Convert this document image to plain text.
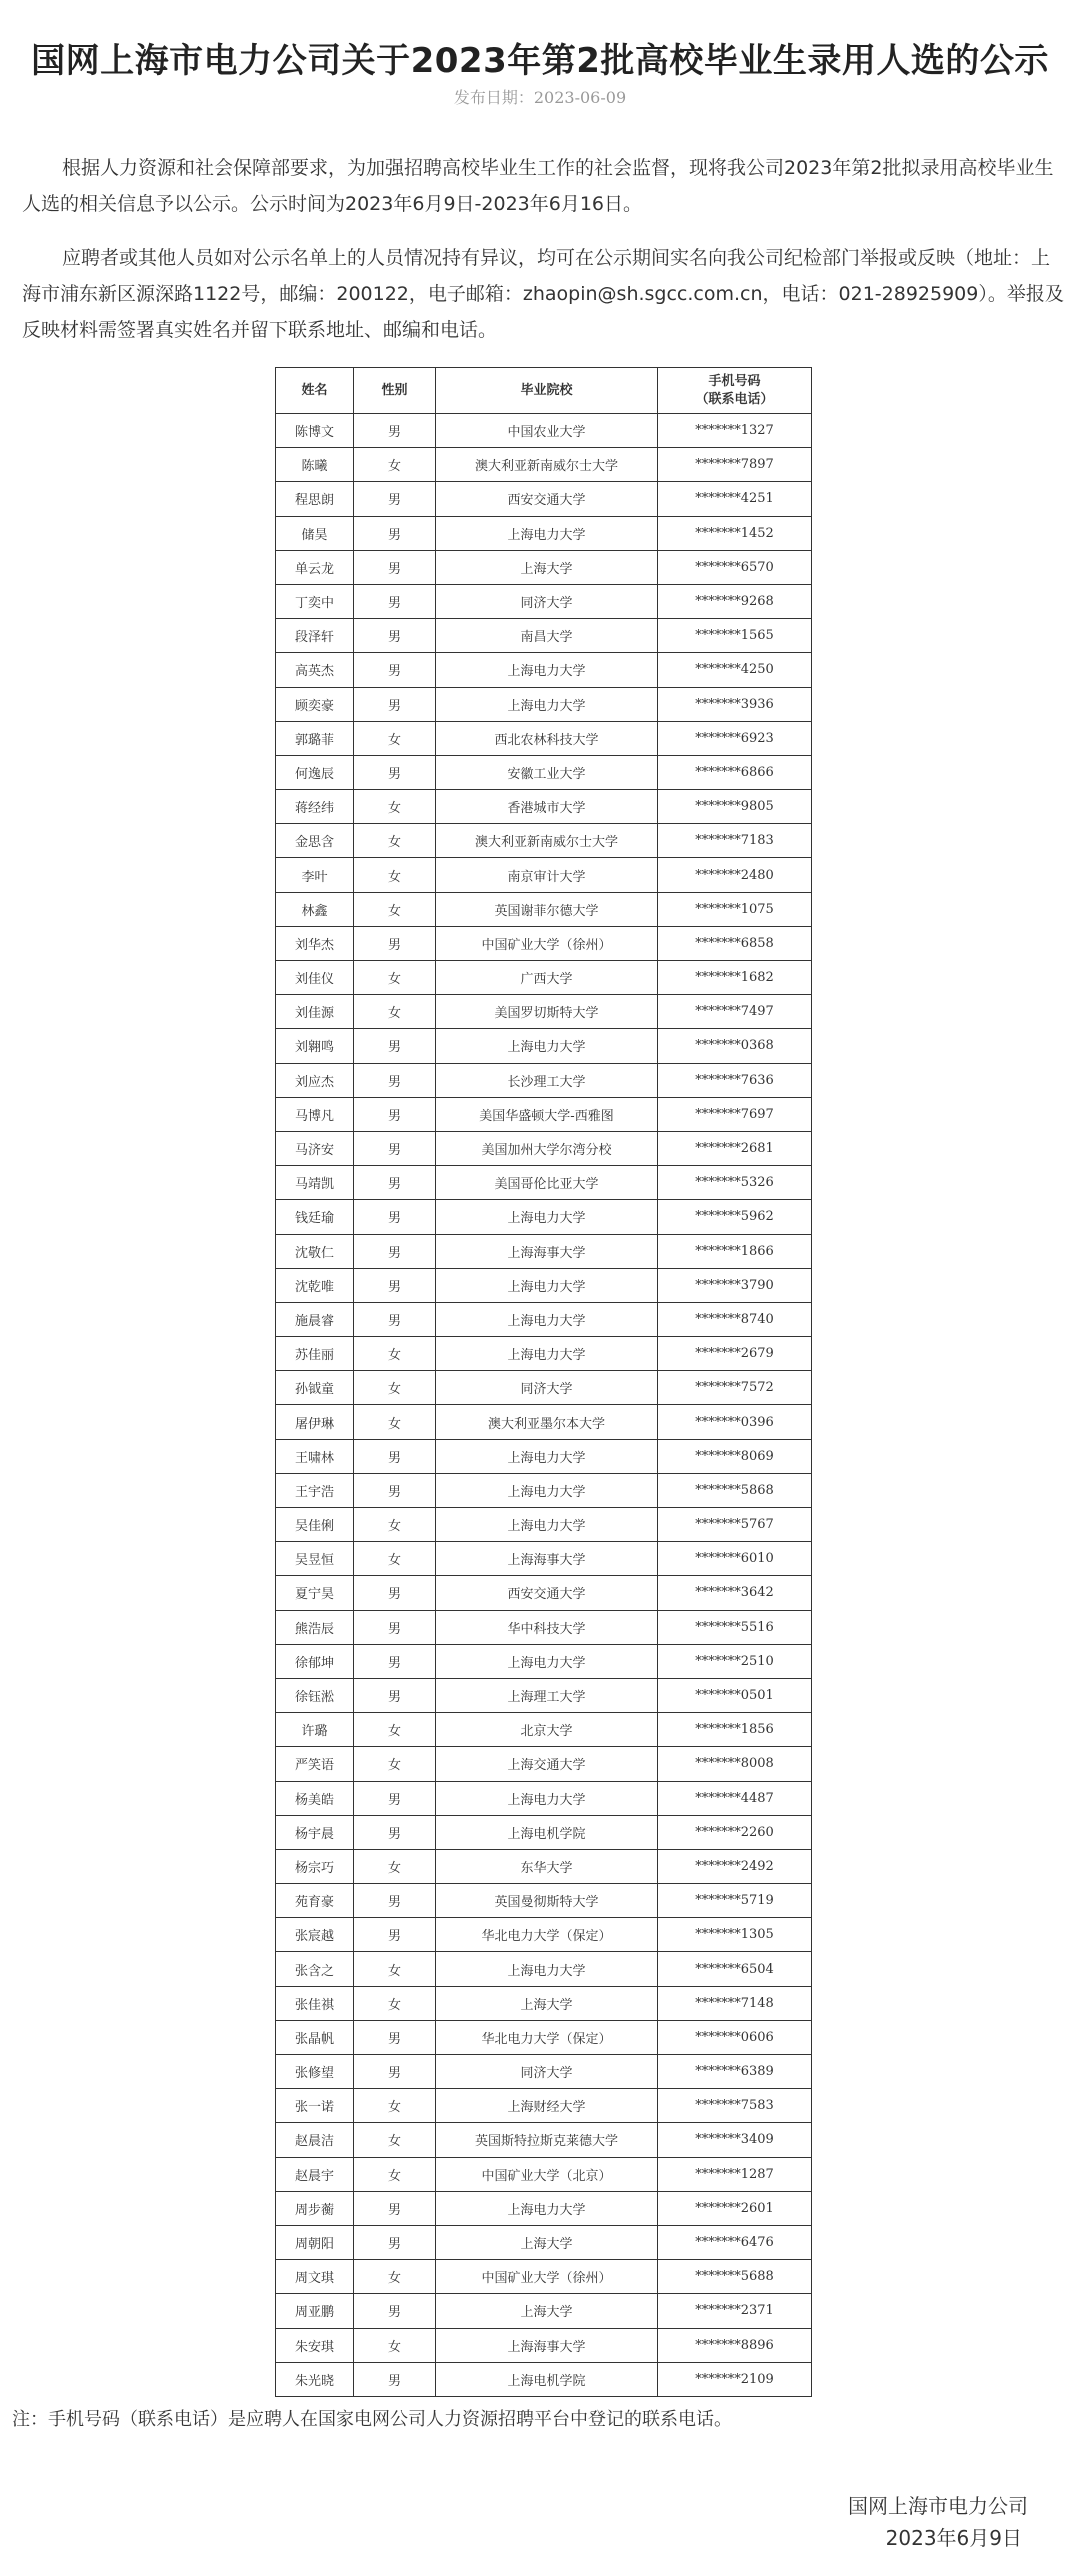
国网上海市电力公司关于2023年第2批高校毕业生录用人选的公示
发布日期：2023-06-09

根据人力资源和社会保障部要求，为加强招聘高校毕业生工作的社会监督，现将我公司2023年第2批拟录用高校毕业生人选的相关信息予以公示。公示时间为2023年6月9日-2023年6月16日。

应聘者或其他人员如对公示名单上的人员情况持有异议，均可在公示期间实名向我公司纪检部门举报或反映（地址：上海市浦东新区源深路1122号，邮编：200122，电子邮箱：zhaopin@sh.sgcc.com.cn，电话：021-28925909）。举报及反映材料需签署真实姓名并留下联系地址、邮编和电话。

姓名	性别	毕业院校	手机号码
（联系电话）

陈博文	男	中国农业大学	*******1327
陈曦	女	澳大利亚新南威尔士大学	*******7897
程思朗	男	西安交通大学	*******4251
储昊	男	上海电力大学	*******1452
单云龙	男	上海大学	*******6570
丁奕中	男	同济大学	*******9268
段泽轩	男	南昌大学	*******1565
高英杰	男	上海电力大学	*******4250
顾奕豪	男	上海电力大学	*******3936
郭璐菲	女	西北农林科技大学	*******6923
何逸辰	男	安徽工业大学	*******6866
蒋经纬	女	香港城市大学	*******9805
金思含	女	澳大利亚新南威尔士大学	*******7183
李叶	女	南京审计大学	*******2480
林鑫	女	英国谢菲尔德大学	*******1075
刘华杰	男	中国矿业大学（徐州）	*******6858
刘佳仪	女	广西大学	*******1682
刘佳源	女	美国罗切斯特大学	*******7497
刘翱鸣	男	上海电力大学	*******0368
刘应杰	男	长沙理工大学	*******7636
马博凡	男	美国华盛顿大学-西雅图	*******7697
马济安	男	美国加州大学尔湾分校	*******2681
马靖凯	男	美国哥伦比亚大学	*******5326
钱廷瑜	男	上海电力大学	*******5962
沈敬仁	男	上海海事大学	*******1866
沈乾唯	男	上海电力大学	*******3790
施晨睿	男	上海电力大学	*******8740
苏佳丽	女	上海电力大学	*******2679
孙钺童	女	同济大学	*******7572
屠伊琳	女	澳大利亚墨尔本大学	*******0396
王啸林	男	上海电力大学	*******8069
王宇浩	男	上海电力大学	*******5868
吴佳俐	女	上海电力大学	*******5767
吴昱恒	女	上海海事大学	*******6010
夏宁昊	男	西安交通大学	*******3642
熊浩辰	男	华中科技大学	*******5516
徐郁坤	男	上海电力大学	*******2510
徐钰淞	男	上海理工大学	*******0501
许璐	女	北京大学	*******1856
严笑语	女	上海交通大学	*******8008
杨美皓	男	上海电力大学	*******4487
杨宇晨	男	上海电机学院	*******2260
杨宗巧	女	东华大学	*******2492
苑育豪	男	英国曼彻斯特大学	*******5719
张宸越	男	华北电力大学（保定）	*******1305
张含之	女	上海电力大学	*******6504
张佳祺	女	上海大学	*******7148
张晶帆	男	华北电力大学（保定）	*******0606
张修望	男	同济大学	*******6389
张一诺	女	上海财经大学	*******7583
赵晨洁	女	英国斯特拉斯克莱德大学	*******3409
赵晨宇	女	中国矿业大学（北京）	*******1287
周步蘅	男	上海电力大学	*******2601
周朝阳	男	上海大学	*******6476
周文琪	女	中国矿业大学（徐州）	*******5688
周亚鹏	男	上海大学	*******2371
朱安琪	女	上海海事大学	*******8896
朱光晓	男	上海电机学院	*******2109
注：手机号码（联系电话）是应聘人在国家电网公司人力资源招聘平台中登记的联系电话。
国网上海市电力公司
2023年6月9日
